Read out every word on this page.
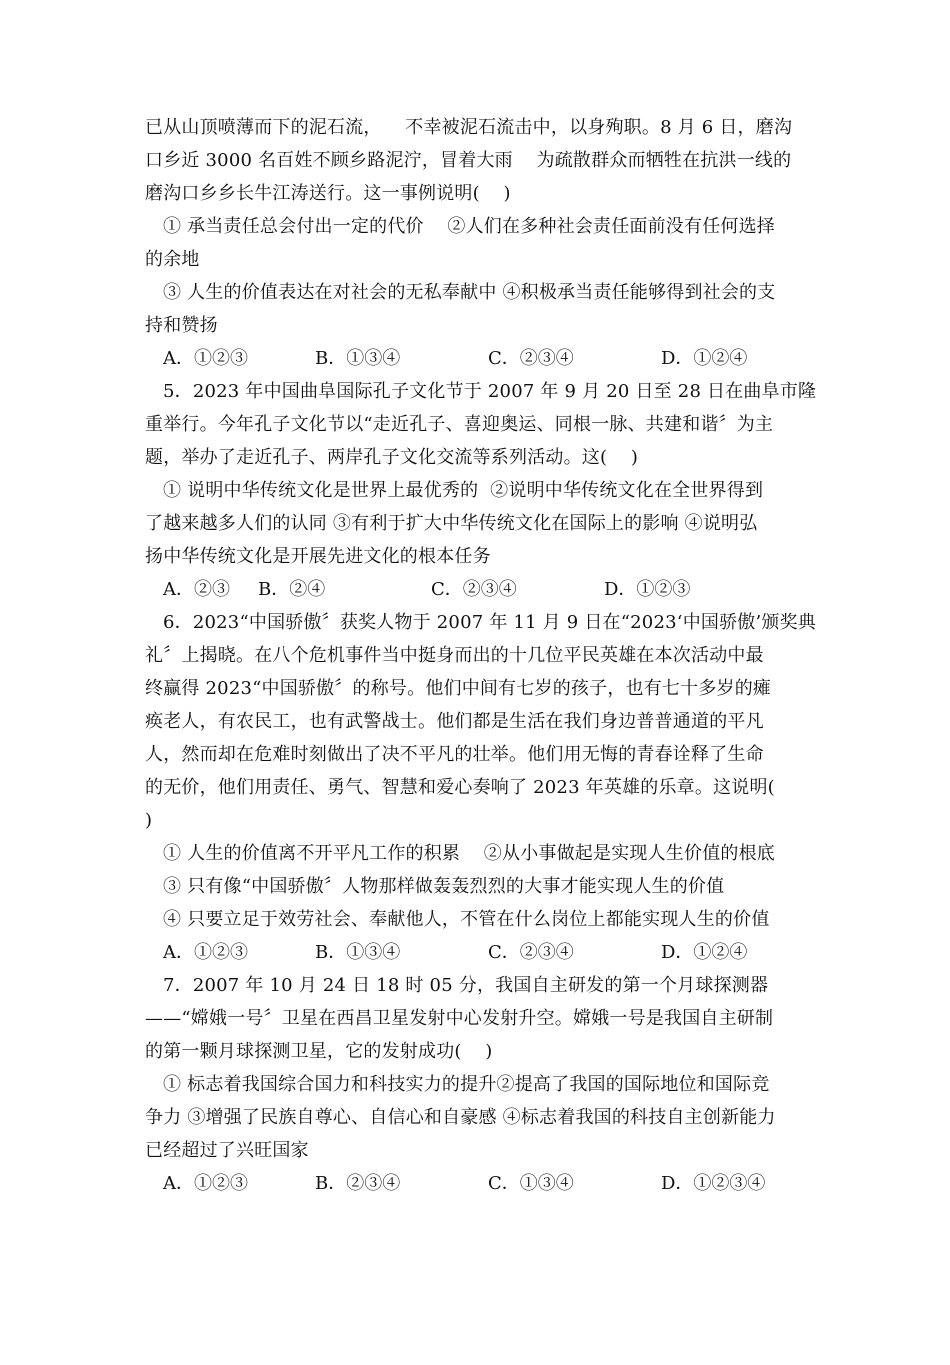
已从山顶喷薄而下的泥石流，    不幸被泥石流击中，以身殉职。8 月 6 日，磨沟
口乡近 3000 名百姓不顾乡路泥泞，冒着大雨    为疏散群众而牺牲在抗洪一线的
磨沟口乡乡长牛江涛送行。这一事例说明(    )
① 承当责任总会付出一定的代价    ②人们在多种社会责任面前没有任何选择
的余地
③ 人生的价值表达在对社会的无私奉献中 ④积极承当责任能够得到社会的支
持和赞扬

A．①②③

	B．①③④

	C．②③④

	D．①②④

5．2023 年中国曲阜国际孔子文化节于 2007 年 9 月 20 日至 28 日在曲阜市隆
重举行。今年孔子文化节以“走近孔子、喜迎奥运、同根一脉、共建和谐〞为主
题，举办了走近孔子、两岸孔子文化交流等系列活动。这(    )
① 说明中华传统文化是世界上最优秀的  ②说明中华传统文化在全世界得到
了越来越多人们的认同 ③有利于扩大中华传统文化在国际上的影响 ④说明弘
扬中华传统文化是开展先进文化的根本任务

A．②③

B．②④

	C．②③④

	D．①②③

6．2023“中国骄傲〞获奖人物于 2007 年 11 月 9 日在“2023‘中国骄傲’颁奖典
礼〞上揭晓。在八个危机事件当中挺身而出的十几位平民英雄在本次活动中最
终赢得 2023“中国骄傲〞的称号。他们中间有七岁的孩子，也有七十多岁的瘫
痪老人，有农民工，也有武警战士。他们都是生活在我们身边普普通道的平凡
人，然而却在危难时刻做出了决不平凡的壮举。他们用无悔的青春诠释了生命
的无价，他们用责任、勇气、智慧和爱心奏响了 2023 年英雄的乐章。这说明(
)
① 人生的价值离不开平凡工作的积累    ②从小事做起是实现人生价值的根底
③ 只有像“中国骄傲〞人物那样做轰轰烈烈的大事才能实现人生的价值
④ 只要立足于效劳社会、奉献他人，不管在什么岗位上都能实现人生的价值

A．①②③

	B．①③④

	C．②③④

	D．①②④

7．2007 年 10 月 24 日 18 时 05 分，我国自主研发的第一个月球探测器
——“嫦娥一号〞卫星在西昌卫星发射中心发射升空。嫦娥一号是我国自主研制
的第一颗月球探测卫星，它的发射成功(    )
① 标志着我国综合国力和科技实力的提升②提高了我国的国际地位和国际竞
争力 ③增强了民族自尊心、自信心和自豪感 ④标志着我国的科技自主创新能力
已经超过了兴旺国家

A．①②③

	B．②③④

	C．①③④

	D．①②③④
